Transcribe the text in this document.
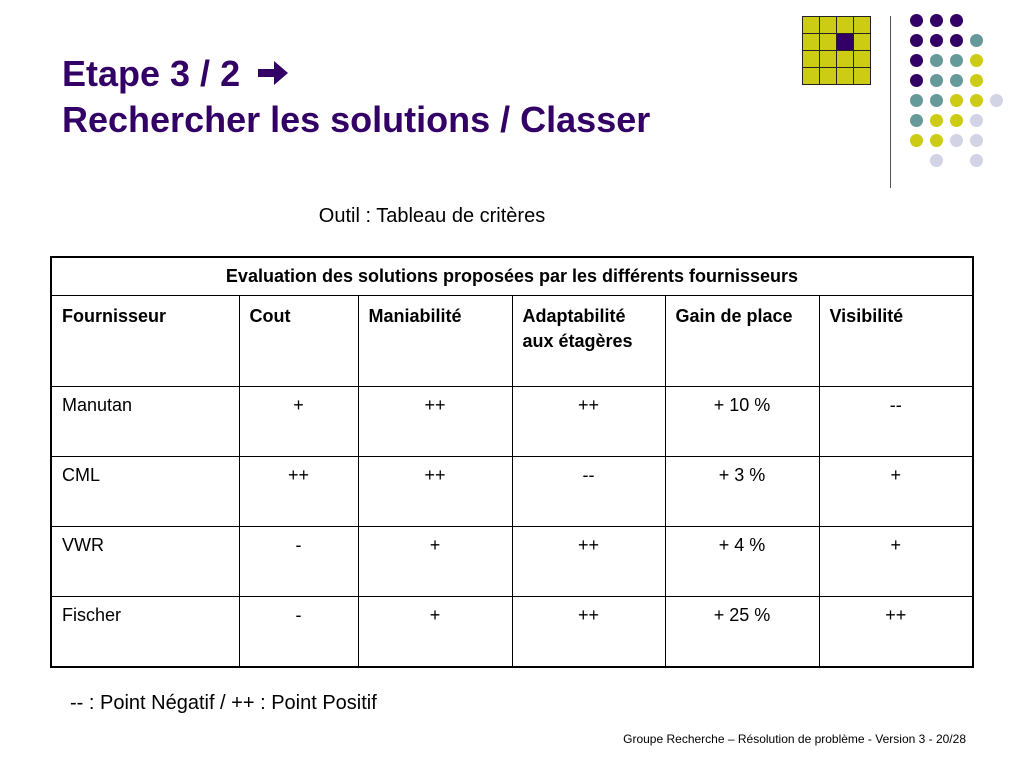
Etape 3 / 2
Rechercher les solutions / Classer
Outil : Tableau de critères
Evaluation des solutions proposées par les différents fournisseurs					
Fournisseur	Cout	Maniabilité	Adaptabilité aux étagères	Gain de place	Visibilité
Manutan	+	++	++	+ 10 %	--
CML	++	++	--	+ 3 %	+
VWR	-	+	++	+ 4 %	+
Fischer	-	+	++	+ 25 %	++
-- : Point Négatif / ++ : Point Positif
Groupe Recherche – Résolution de problème - Version 3 - 20/28
